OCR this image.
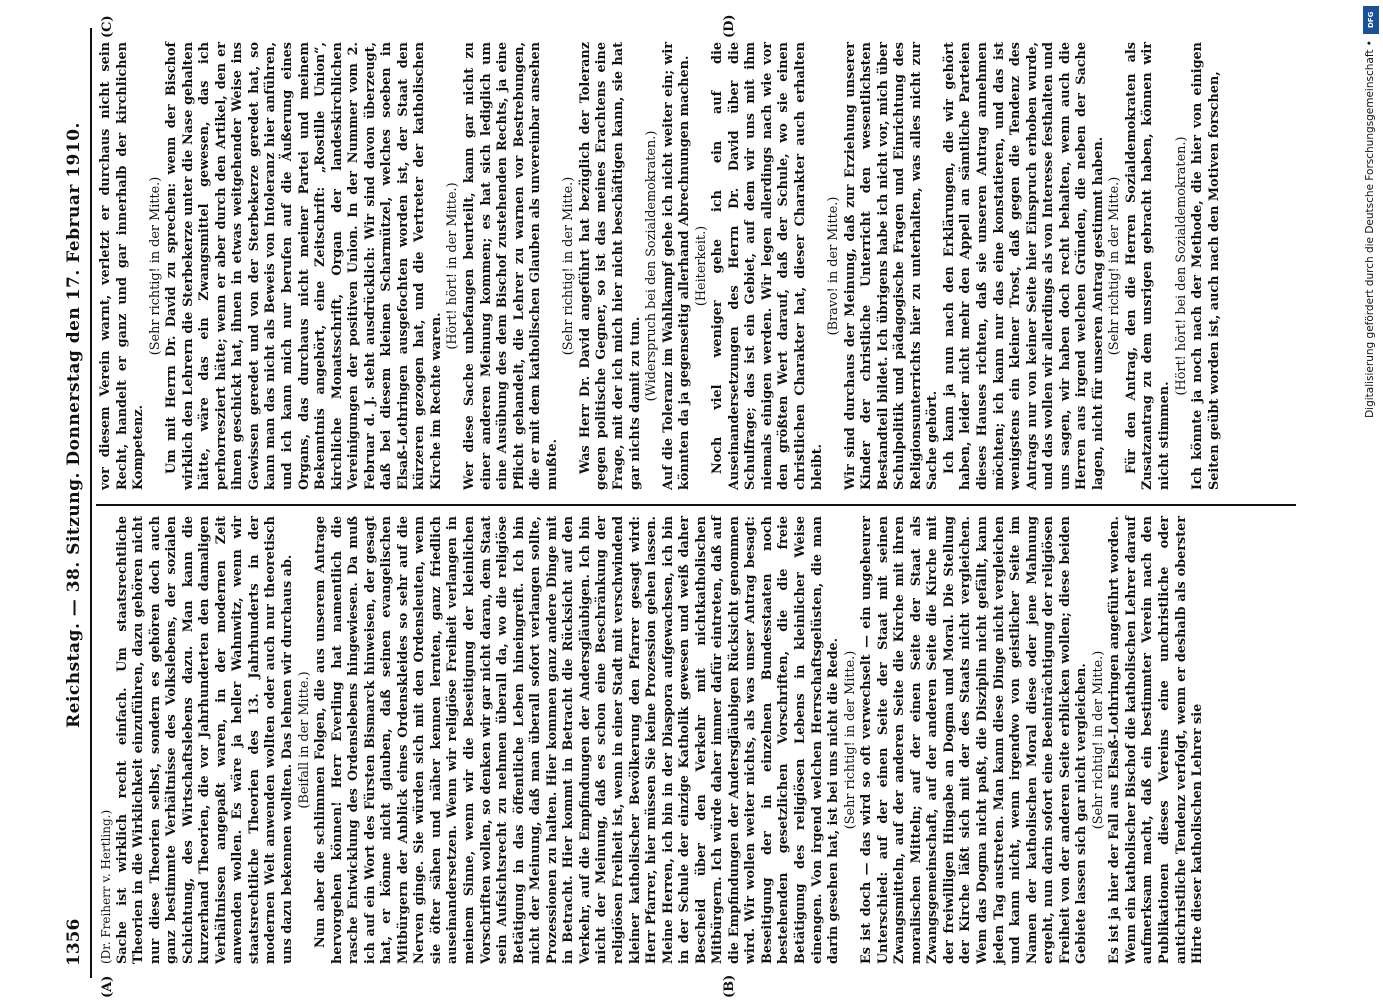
1356
Reichstag. — 38. Sitzung. Donnerstag den 17. Februar 1910.
(A)	(B)
(C)	(D)

(Dr. Freiherr v. Hertling.) Sache ist wirklich recht einfach. Um staatsrechtliche Theorien in die Wirklichkeit einzuführen, dazu gehören nicht nur diese Theorien selbst, sondern es gehören doch auch ganz bestimmte Verhältnisse des Volkslebens, der sozialen Schichtung, des Wirtschaftslebens dazu. Man kann die kurzerhand Theorien, die vor Jahrhunderten den damaligen Verhältnissen angepaßt waren, in der modernen Zeit anwenden wollen. Es wäre ja heller Wahnwitz, wenn wir staatsrechtliche Theorien des 13. Jahrhunderts in der modernen Welt anwenden wollten oder auch nur theoretisch uns dazu bekennen wollten. Das lehnen wir durchaus ab. (Beifall in der Mitte.) Nun aber die schlimmen Folgen, die aus unserem Antrage hervorgehen können! Herr Everling hat namentlich die rasche Entwicklung des Ordenslebens hingewiesen. Da muß ich auf ein Wort des Fürsten Bismarck hinweisen, der gesagt hat, er könne nicht glauben, daß seinen evangelischen Mitbürgern der Anblick eines Ordenskleides so sehr auf die Nerven ginge. Sie würden sich mit den Ordensleuten, wenn sie öfter sähen und näher kennen lernten, ganz friedlich auseinandersetzen. Wenn wir religiöse Freiheit verlangen in meinem Sinne, wenn wir die Beseitigung der kleinlichen Vorschriften wollen, so denken wir gar nicht daran, dem Staat sein Aufsichtsrecht zu nehmen überall da, wo die religiöse Betätigung in das öffentliche Leben hineingreift. Ich bin nicht der Meinung, daß man überall sofort verlangen sollte, Prozessionen zu halten. Hier kommen ganz andere Dinge mit in Betracht. Hier kommt in Betracht die Rücksicht auf den Verkehr, auf die Empfindungen der Andersgläubigen. Ich bin nicht der Meinung, daß es schon eine Beschränkung der religiösen Freiheit ist, wenn in einer Stadt mit verschwindend kleiner katholischer Bevölkerung den Pfarrer gesagt wird: Herr Pfarrer, hier müssen Sie keine Prozession gehen lassen. Meine Herren, ich bin in der Diaspora aufgewachsen, ich bin in der Schule der einzige Katholik gewesen und weiß daher Bescheid über den Verkehr mit nichtkatholischen Mitbürgern. Ich würde daher immer dafür eintreten, daß auf die Empfindungen der Andersgläubigen Rücksicht genommen wird. Wir wollen weiter nichts, als was unser Antrag besagt: Beseitigung der in einzelnen Bundesstaaten noch bestehenden gesetzlichen Vorschriften, die die freie Betätigung des religiösen Lebens in kleinlicher Weise einengen. Von irgend welchen Herrschaftsgelüsten, die man darin gesehen hat, ist bei uns nicht die Rede. (Sehr richtig! in der Mitte.) Es ist doch — das wird so oft verwechselt — ein ungeheurer Unterschied: auf der einen Seite der Staat mit seinen Zwangsmitteln, auf der anderen Seite die Kirche mit ihren moralischen Mitteln; auf der einen Seite der Staat als Zwangsgemeinschaft, auf der anderen Seite die Kirche mit der freiwilligen Hingabe an Dogma und Moral. Die Stellung der Kirche läßt sich mit der des Staats nicht vergleichen. Wem das Dogma nicht paßt, die Disziplin nicht gefällt, kann jeden Tag austreten. Man kann diese Dinge nicht vergleichen und kann nicht, wenn irgendwo von geistlicher Seite im Namen der katholischen Moral diese oder jene Mahnung ergeht, nun darin sofort eine Beeinträchtigung der religiösen Freiheit von der anderen Seite erblicken wollen; diese beiden Gebiete lassen sich gar nicht vergleichen. (Sehr richtig! in der Mitte.) Es ist ja hier der Fall aus Elsaß-Lothringen angeführt worden. Wenn ein katholischer Bischof die katholischen Lehrer darauf aufmerksam macht, daß ein bestimmter Verein nach den Publikationen dieses Vereins eine unchristliche oder antichristliche Tendenz verfolgt, wenn er deshalb als oberster Hirte dieser katholischen Lehrer sie

vor diesem Verein warnt, verletzt er durchaus nicht sein Recht, handelt er ganz und gar innerhalb der kirchlichen Kompetenz.

(Sehr richtig! in der Mitte.) Um mit Herrn Dr. David zu sprechen: wenn der Bischof wirklich den Lehrern die Sterbekerze unter die Nase gehalten hätte, wäre das ein Zwangsmittel gewesen, das ich perhorresziert hätte; wenn er aber durch den Artikel, den er ihnen geschickt hat, ihnen in etwas weitgehender Weise ins Gewissen geredet und von der Sterbekerze geredet hat, so kann man das nicht als Beweis von Intoleranz hier anführen, und ich kann mich nur berufen auf die Äußerung eines Organs, das durchaus nicht meiner Partei und meinem Bekenntnis angehört, eine Zeitschrift: „Rostille Union“, kirchliche Monatsschrift, Organ der landeskirchlichen Vereinigungen der positiven Union. In der Nummer vom 2. Februar d. J. steht ausdrücklich: Wir sind davon überzeugt, daß bei diesem kleinen Scharmützel, welches soeben in Elsaß-Lothringen ausgefochten worden ist, der Staat den kürzeren gezogen hat, und die Vertreter der katholischen Kirche im Rechte waren.

(Hört! hört! in der Mitte.) Wer diese Sache unbefangen beurteilt, kann gar nicht zu einer anderen Meinung kommen; es hat sich lediglich um eine Ausübung des dem Bischof zustehenden Rechts, ja eine Pflicht gehandelt, die Lehrer zu warnen vor Bestrebungen, die er mit dem katholischen Glauben als unvereinbar ansehen mußte.

(Sehr richtig! in der Mitte.) Was Herr Dr. David angeführt hat bezüglich der Toleranz gegen politische Gegner, so ist das meines Erachtens eine Frage, mit der ich mich hier nicht beschäftigen kann, sie hat gar nichts damit zu tun.

(Widerspruch bei den Sozialdemokraten.) Auf die Toleranz im Wahlkampf gehe ich nicht weiter ein; wir könnten da ja gegenseitig allerhand Abrechnungen machen. (Heiterkeit.) Noch viel weniger gehe ich ein auf die Auseinandersetzungen des Herrn Dr. David über die Schulfrage; das ist ein Gebiet, auf dem wir uns mit ihm niemals einigen werden. Wir legen allerdings nach wie vor den größten Wert darauf, daß der Schule, wo sie einen christlichen Charakter hat, dieser Charakter auch erhalten bleibt.

(Bravo! in der Mitte.) Wir sind durchaus der Meinung, daß zur Erziehung unserer Kinder der christliche Unterricht den wesentlichsten Bestandteil bildet. Ich übrigens habe ich nicht vor, mich über Schulpolitik und pädagogische Fragen und Einrichtung des Religionsunterrichts hier zu unterhalten, was alles nicht zur Sache gehört. Ich kann ja nun nach den Erklärungen, die wir gehört haben, leider nicht mehr den Appell an sämtliche Parteien dieses Hauses richten, daß sie unseren Antrag annehmen möchten; ich kann nur das eine konstatieren, und das ist wenigstens ein kleiner Trost, daß gegen die Tendenz des Antrags nur von keiner Seite hier Einspruch erhoben wurde, und das wollen wir allerdings als von Interesse festhalten und uns sagen, wir haben doch recht behalten, wenn auch die Herren aus irgend welchen Gründen, die neben der Sache lagen, nicht für unseren Antrag gestimmt haben. (Sehr richtig! in der Mitte.) Für den Antrag, den die Herren Sozialdemokraten als Zusatzantrag zu dem unsrigen gebracht haben, können wir nicht stimmen.

(Hört! hört! bei den Sozialdemokraten.) Ich könnte ja noch nach der Methode, die hier von einigen Seiten geübt worden ist, auch nach den Motiven forschen,

DFG
Digitalisierung gefördert durch die Deutsche Forschungsgemeinschaft •
